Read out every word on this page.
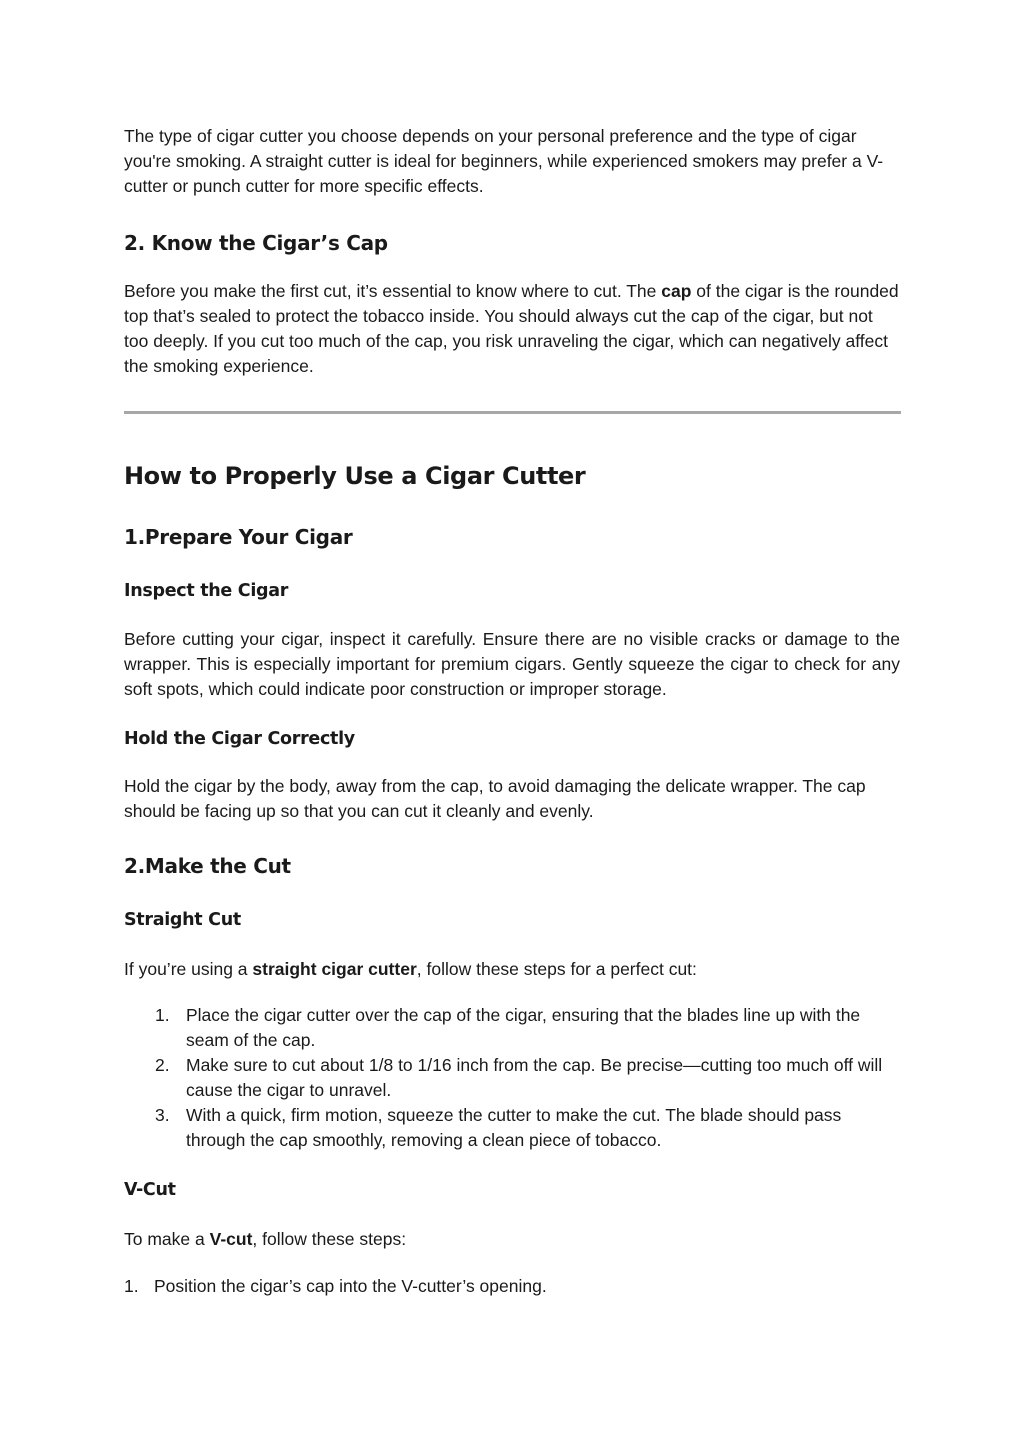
The type of cigar cutter you choose depends on your personal preference and the type of cigar you're smoking. A straight cutter is ideal for beginners, while experienced smokers may prefer a V-cutter or punch cutter for more specific effects.

2. Know the Cigar’s Cap

Before you make the first cut, it’s essential to know where to cut. The cap of the cigar is the rounded top that’s sealed to protect the tobacco inside. You should always cut the cap of the cigar, but not too deeply. If you cut too much of the cap, you risk unraveling the cigar, which can negatively affect the smoking experience.

How to Properly Use a Cigar Cutter
1.Prepare Your Cigar
Inspect the Cigar

Before cutting your cigar, inspect it carefully. Ensure there are no visible cracks or damage to the wrapper. This is especially important for premium cigars. Gently squeeze the cigar to check for any soft spots, which could indicate poor construction or improper storage.

Hold the Cigar Correctly

Hold the cigar by the body, away from the cap, to avoid damaging the delicate wrapper. The cap should be facing up so that you can cut it cleanly and evenly.

2.Make the Cut
Straight Cut

If you’re using a straight cigar cutter, follow these steps for a perfect cut:

1. Place the cigar cutter over the cap of the cigar, ensuring that the blades line up with the seam of the cap.
2. Make sure to cut about 1/8 to 1/16 inch from the cap. Be precise—cutting too much off will cause the cigar to unravel.
3. With a quick, firm motion, squeeze the cutter to make the cut. The blade should pass through the cap smoothly, removing a clean piece of tobacco.
V-Cut

To make a V-cut, follow these steps:

1. Position the cigar’s cap into the V-cutter’s opening.
